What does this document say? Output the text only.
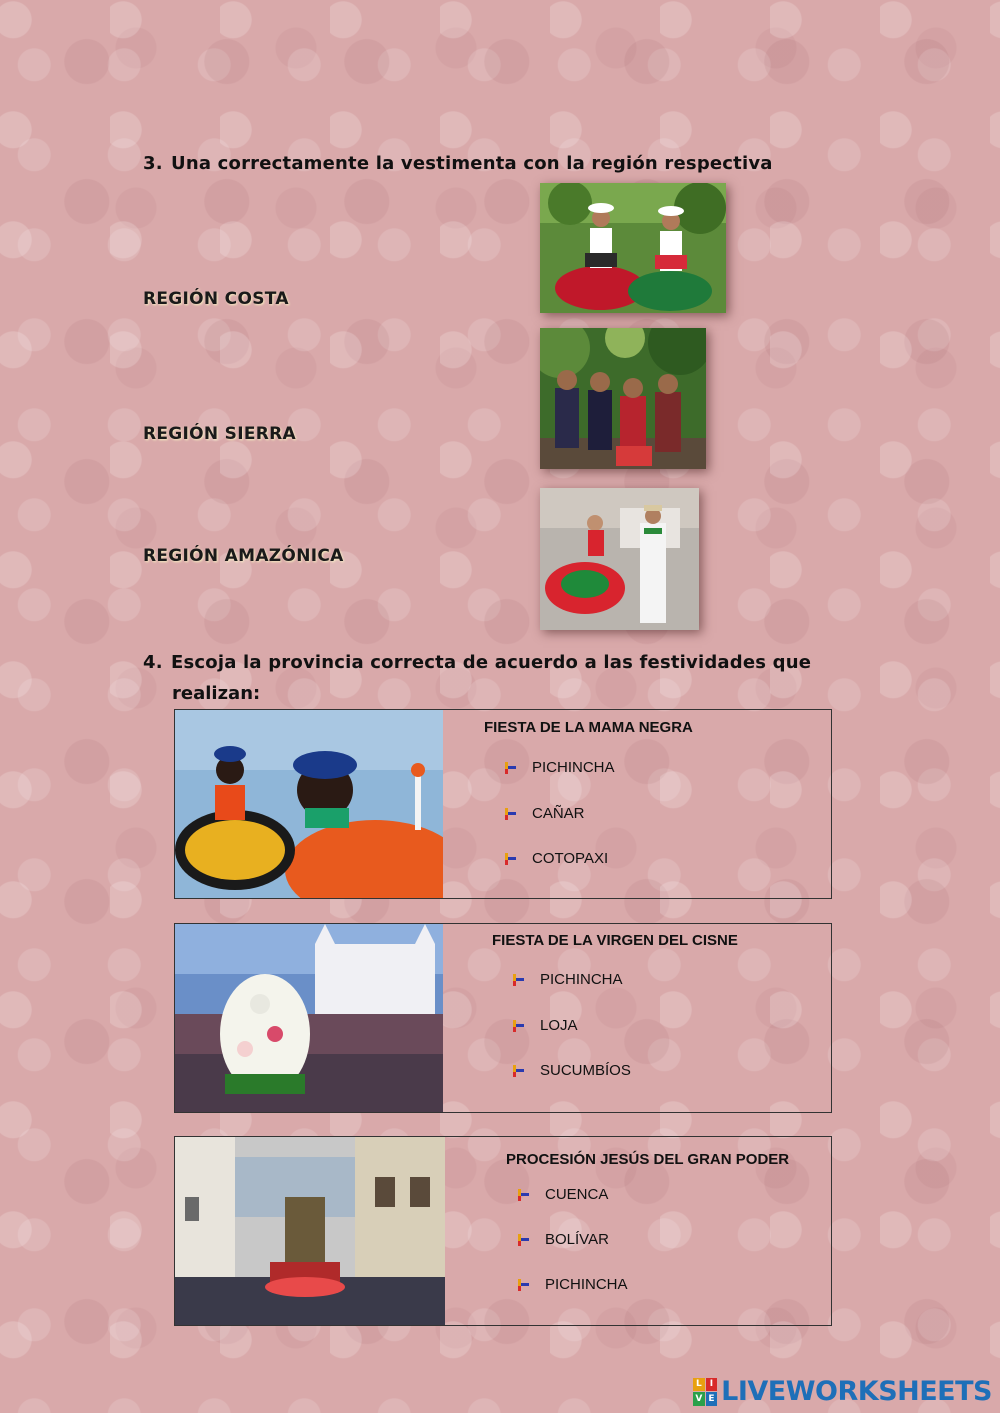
3. Una correctamente la vestimenta con la región respectiva
REGIÓN COSTA
REGIÓN SIERRA
REGIÓN AMAZÓNICA
4. Escoja la provincia correcta de acuerdo a las festividades que
realizan:
FIESTA DE LA MAMA NEGRA
PICHINCHA
CAÑAR
COTOPAXI
FIESTA DE LA VIRGEN DEL CISNE
PICHINCHA
LOJA
SUCUMBÍOS
PROCESIÓN JESÚS DEL GRAN PODER
CUENCA
BOLÍVAR
PICHINCHA
L I
V E LIVEWORKSHEETS
